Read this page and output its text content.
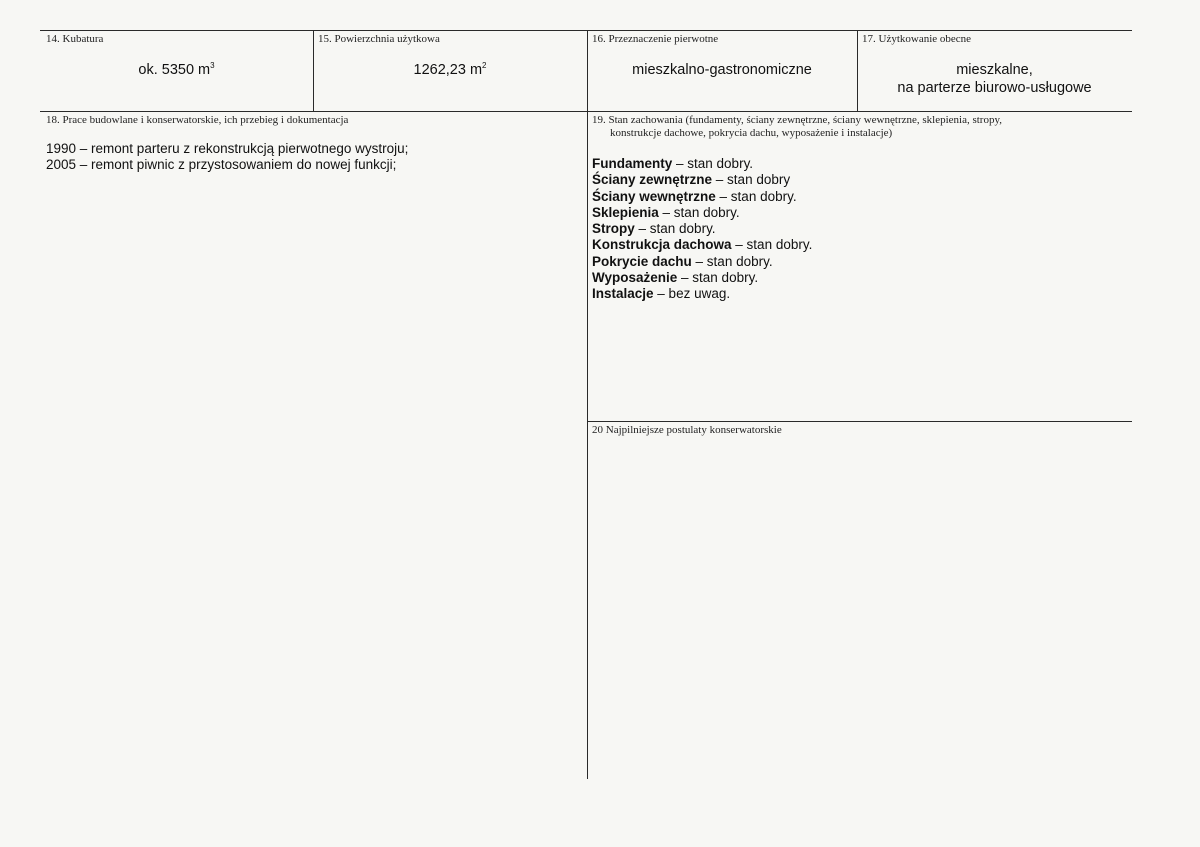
14. Kubatura
ok. 5350 $m^3$
15. Powierzchnia użytkowa
1262,23 $m^2$
16. Przeznaczenie pierwotne
mieszkalno-gastronomiczne
17. Użytkowanie obecne
mieszkalne,
na parterze biurowo-usługowe
18. Prace budowlane i konserwatorskie, ich przebieg i dokumentacja
1990 – remont parteru z rekonstrukcją pierwotnego wystroju;
2005 – remont piwnic z przystosowaniem do nowej funkcji;
19. Stan zachowania (fundamenty, ściany zewnętrzne, ściany wewnętrzne, sklepienia, stropy,
konstrukcje dachowe, pokrycia dachu, wyposażenie i instalacje)
Fundamenty – stan dobry.
Ściany zewnętrzne – stan dobry
Ściany wewnętrzne – stan dobry.
Sklepienia – stan dobry.
Stropy – stan dobry.
Konstrukcja dachowa – stan dobry.
Pokrycie dachu – stan dobry.
Wyposażenie – stan dobry.
Instalacje – bez uwag.
20 Najpilniejsze postulaty konserwatorskie
